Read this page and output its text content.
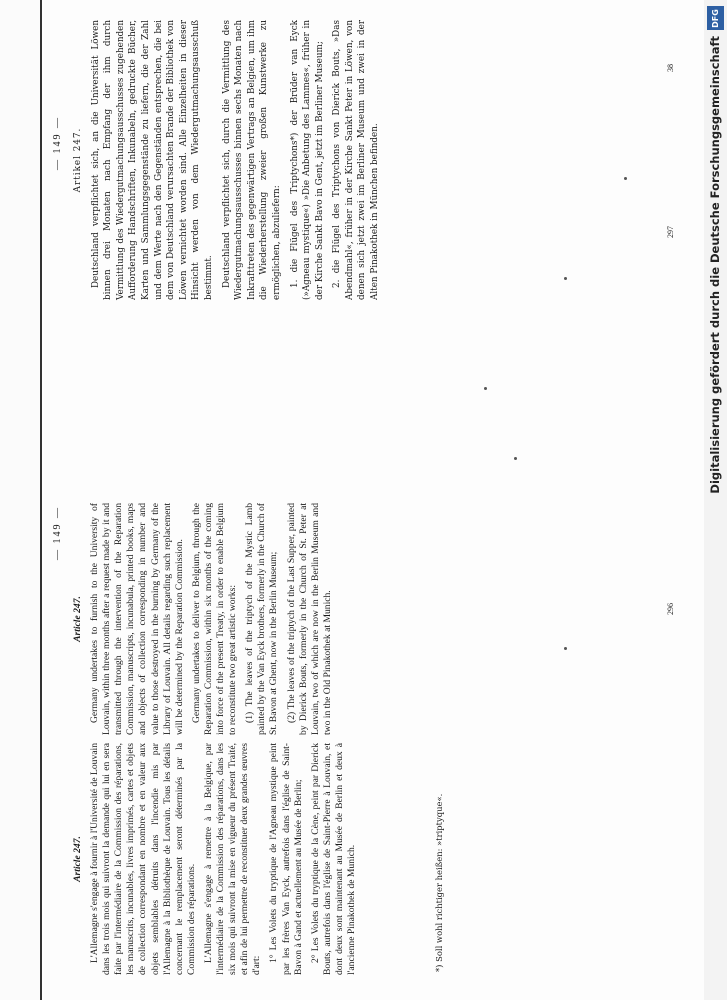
— 149 —

Article 247. L'Allemagne s'engage à fournir à l'Université de Louvain dans les trois mois qui suivront la demande qui lui en sera faite par l'intermédiaire de la Commission des réparations, les manuscrits, incunables, livres imprimés, cartes et objets de collection correspondant en nombre et en valeur aux objets semblables détruits dans l'incendie mis par l'Allemagne à la Bibliothèque de Louvain. Tous les détails concernant le remplacement seront déterminés par la Commission des réparations. L'Allemagne s'engage à remettre à la Belgique, par l'intermédiaire de la Commission des réparations, dans les six mois qui suivront la mise en vigueur du présent Traité, et afin de lui permettre de reconstituer deux grandes œuvres d'art:

1° Les Volets du tryptique de l'Agneau mystique peint par les frères Van Eyck, autrefois dans l'église de Saint-Bavon à Gand et actuellement au Musée de Berlin; 2° Les Volets du tryptique de la Cène, peint par Dierick Bouts, autrefois dans l'église de Saint-Pierre à Louvain, et dont deux sont maintenant au Musée de Berlin et deux à l'ancienne Pinakothek de Munich.

Article 247. Germany undertakes to furnish to the University of Louvain, within three months after a request made by it and transmitted through the intervention of the Reparation Commission, manuscripts, incunabula, printed books, maps and objects of collection corresponding in number and value to those destroyed in the burning by Germany of the Library of Louvain. All details regarding such replacement will be determined by the Reparation Commission. Germany undertakes to deliver to Belgium, through the Reparation Commission, within six months of the coming into force of the present Treaty, in order to enable Belgium to reconstitute two great artistic works: (1) The leaves of the triptych of the Mystic Lamb painted by the Van Eyck brothers, formerly in the Church of St. Bavon at Ghent, now in the Berlin Museum; (2) The leaves of the triptych of the Last Supper, painted by Dierick Bouts, formerly in the Church of St. Peter at Louvain, two of which are now in the Berlin Museum and two in the Old Pinakothek at Munich.

*) Soll wohl richtiger heißen: »triptyque«.
296
— 149 — Artikel 247. Deutschland verpflichtet sich, an die Universität Löwen binnen drei Monaten nach Empfang der ihm durch Vermittlung des Wiedergutmachungsausschusses zugehenden Aufforderung Handschriften, Inkunabeln, gedruckte Bücher, Karten und Sammlungsgegenstände zu liefern, die der Zahl und dem Werte nach den Gegenständen entsprechen, die bei dem von Deutschland verursachten Brande der Bibliothek von Löwen vernichtet worden sind. Alle Einzelheiten in dieser Hinsicht werden von dem Wiedergutmachungsausschuß bestimmt. Deutschland verpflichtet sich, durch die Vermittlung des Wiedergutmachungsausschusses binnen sechs Monaten nach Inkrafttreten des gegenwärtigen Vertrags an Belgien, um ihm die Wiederherstellung zweier großen Kunstwerke zu ermöglichen, abzuliefern: 1. die Flügel des Triptychons*) der Brüder van Eyck (»Agneau mystique«) »Die Anbetung des Lammes«, früher in der Kirche Sankt Bavo in Gent, jetzt im Berliner Museum; 2. die Flügel des Triptychons von Dierick Bouts, »Das Abendmahl«, früher in der Kirche Sankt Peter in Löwen, von denen sich jetzt zwei im Berliner Museum und zwei in der Alten Pinakothek in München befinden.	297
38
DFG
Digitalisierung gefördert durch die Deutsche Forschungsgemeinschaft
